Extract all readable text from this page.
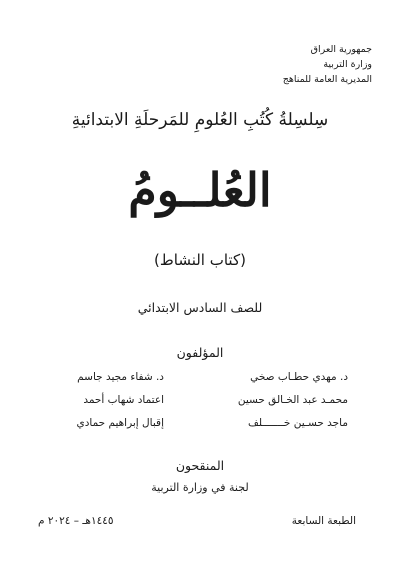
جمهورية العراق
وزارة التربية
المديرية العامة للمناهج
سِلسِلةُ كُتُبِ العُلومِ للمَرحلَةِ الابتدائيةِ
العُلــومُ
(كتاب النشاط)
للصف السادس الابتدائي
المؤلفون
د. مهدي حطـاب صخي
د. شفاء مجيد جاسم
محمـد عبد الخـالق حسين
اعتماد شهاب أحمد
ماجد حسـين خـــــــلف
إقبال إبراهيم حمادي
المنقحون
لجنة في وزارة التربية
الطبعة السابعة
١٤٤٥هـ – ٢٠٢٤ م
